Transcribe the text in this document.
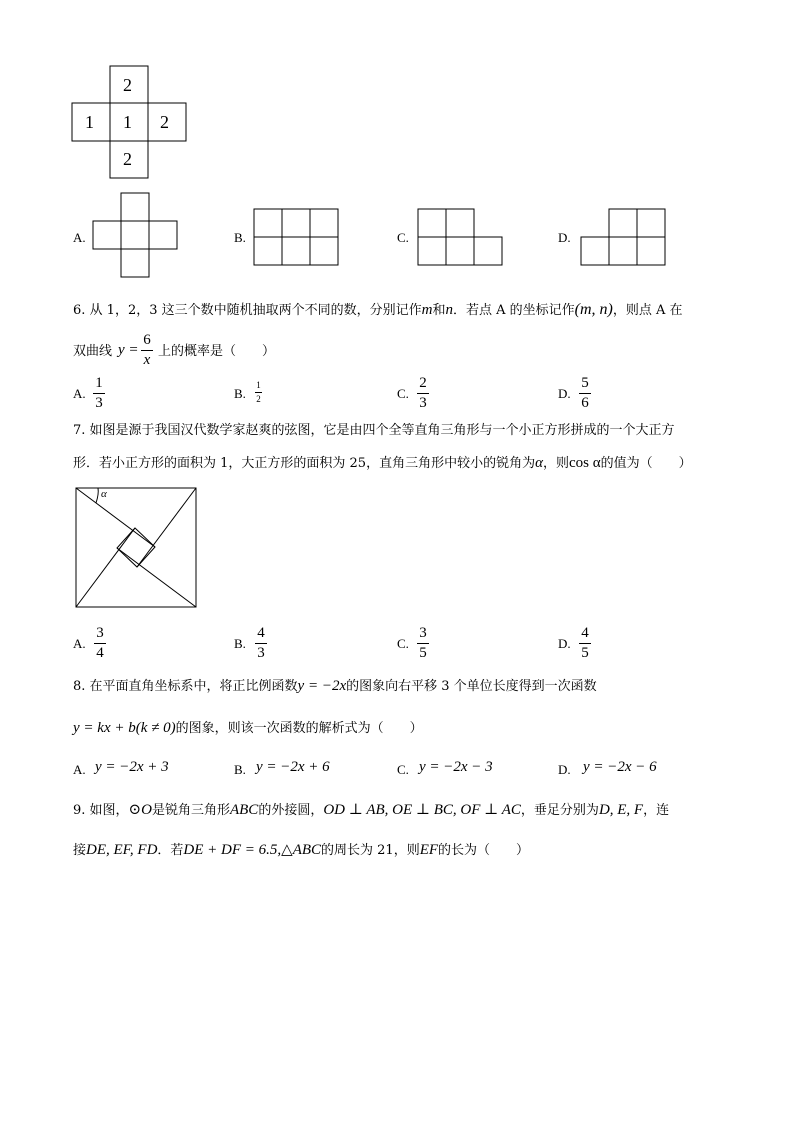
2
1 1 2
2
A.	B.	C.	D.
6. 从 1，2，3 这三个数中随机抽取两个不同的数，分别记作m和n．若点 A 的坐标记作(m, n)，则点 A 在
双曲线 y =
6
x
上的概率是（　　）
A.
1
3
B.
1
2	C.
2
3
D.
5
6
7. 如图是源于我国汉代数学家赵爽的弦图，它是由四个全等直角三角形与一个小正方形拼成的一个大正方
形．若小正方形的面积为 1，大正方形的面积为 25，直角三角形中较小的锐角为α，则cos α的值为（　　）
α
A.
3
4
B.
4
3
C.
3
5
D.
4
5
8. 在平面直角坐标系中，将正比例函数y = −2x的图象向右平移 3 个单位长度得到一次函数
y = kx + b(k ≠ 0)的图象，则该一次函数的解析式为（　　）
A. y = −2x + 3	B. y = −2x + 6	C. y = −2x − 3	D. y = −2x − 6
9. 如图，⊙O是锐角三角形ABC的外接圆，OD ⊥ AB, OE ⊥ BC, OF ⊥ AC，垂足分别为D, E, F，连
接DE, EF, FD．若DE + DF = 6.5,△ABC的周长为 21，则EF的长为（　　）
